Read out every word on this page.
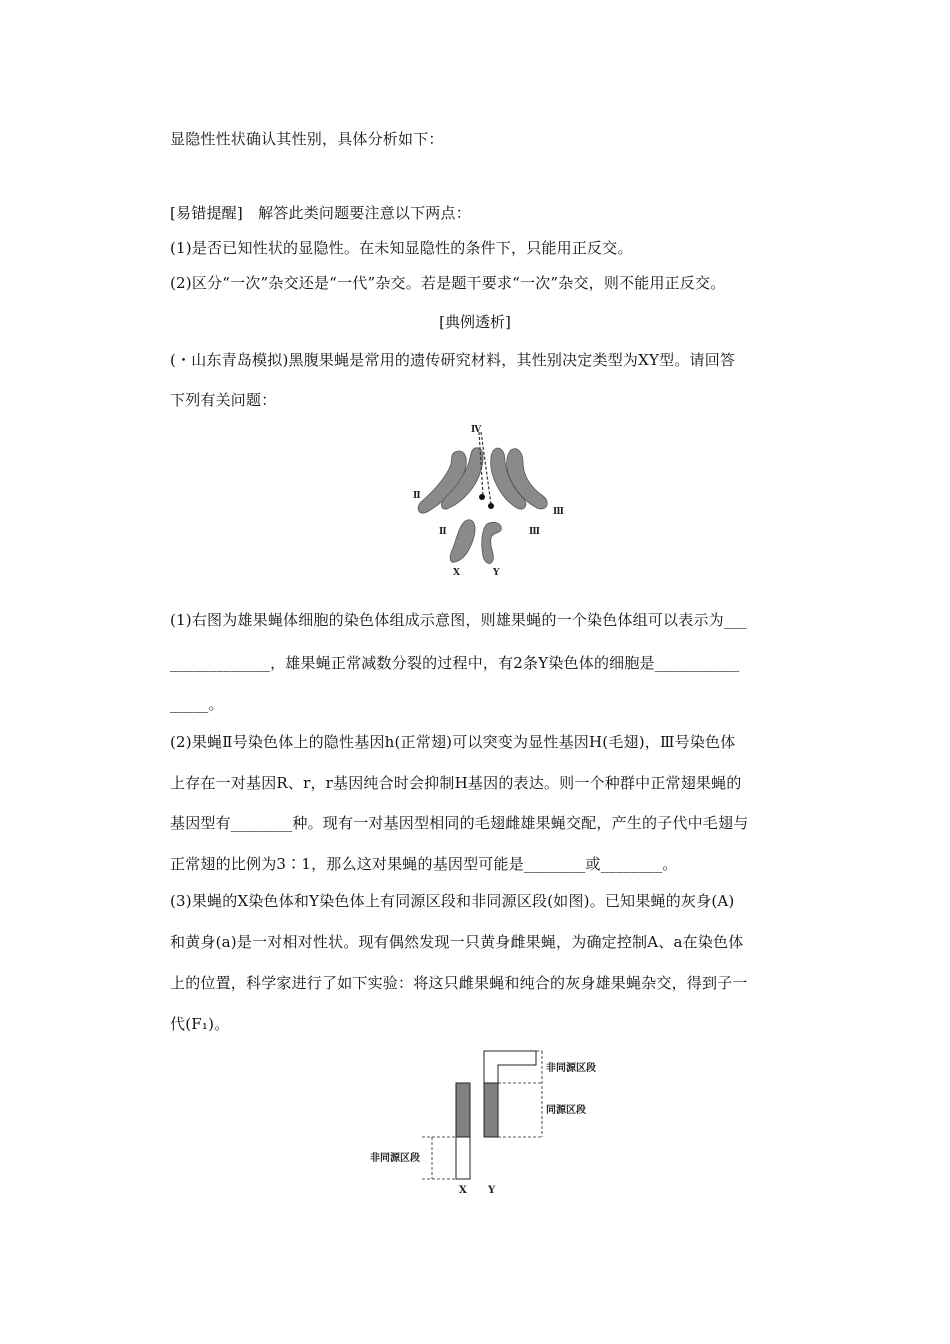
显隐性性状确认其性别，具体分析如下：
[易错提醒]　解答此类问题要注意以下两点：
(1)是否已知性状的显隐性。在未知显隐性的条件下，只能用正反交。
(2)区分“一次”杂交还是“一代”杂交。若是题干要求“一次”杂交，则不能用正反交。
[典例透析]
(・山东青岛模拟)黑腹果蝇是常用的遗传研究材料，其性别决定类型为XY型。请回答
下列有关问题：
Ⅳ
Ⅱ
Ⅱ
Ⅲ
Ⅲ
X	Y
(1)右图为雄果蝇体细胞的染色体组成示意图，则雄果蝇的一个染色体组可以表示为___
_____________，雄果蝇正常减数分裂的过程中，有2条Y染色体的细胞是___________
_____。
(2)果蝇Ⅱ号染色体上的隐性基因h(正常翅)可以突变为显性基因H(毛翅)，Ⅲ号染色体
上存在一对基因R、r，r基因纯合时会抑制H基因的表达。则一个种群中正常翅果蝇的
基因型有________种。现有一对基因型相同的毛翅雌雄果蝇交配，产生的子代中毛翅与
正常翅的比例为3∶1，那么这对果蝇的基因型可能是________或________。
(3)果蝇的X染色体和Y染色体上有同源区段和非同源区段(如图)。已知果蝇的灰身(A)
和黄身(a)是一对相对性状。现有偶然发现一只黄身雌果蝇，为确定控制A、a在染色体
上的位置，科学家进行了如下实验：将这只雌果蝇和纯合的灰身雄果蝇杂交，得到子一
代(F₁)。
非同源区段
同源区段
非同源区段
X Y
